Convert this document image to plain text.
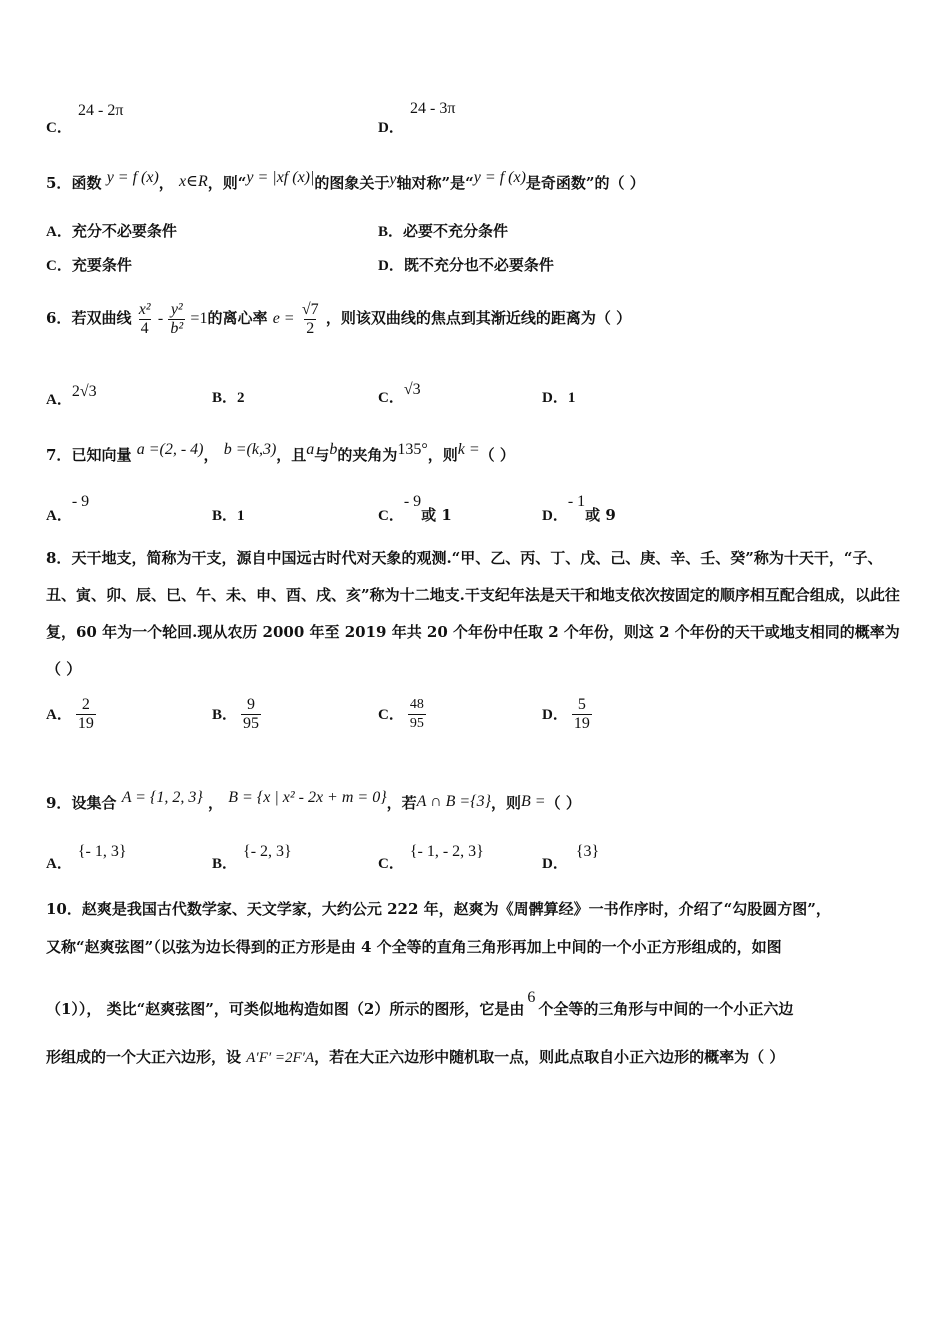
C．
24 - 2π
D．
24 - 3π
5．函数 y = f (x)， x∈R，则“y = |xf (x)|的图象关于y轴对称”是“y = f (x)是奇函数”的（ ）
A．充分不必要条件	B．必要不充分条件
C．充要条件	D．既不充分也不必要条件
6．若双曲线 $\frac{\text{x²}}{4} - \frac{\text{y²}}{\text{b²}} =1$的离心率 $e = \frac{√7}{2}$ ，则该双曲线的焦点到其渐近线的距离为（ ）
A．2√3	B．2	C．√3	D．1
7．已知向量 a =(2, - 4)， b =(k,3)，且a与b的夹角为135°，则k =（ ）
A．- 9
B．1	C．- 9或 1	D．- 1或 9
8．天干地支，简称为干支，源自中国远古时代对天象的观测.“甲、乙、丙、丁、戊、己、庚、辛、壬、癸”称为十天干，“子、丑、寅、卯、辰、巳、午、未、申、酉、戌、亥”称为十二地支.干支纪年法是天干和地支依次按固定的顺序相互配合组成，以此往复，60 年为一个轮回.现从农历 2000 年至 2019 年共 20 个年份中任取 2 个年份，则这 2 个年份的天干或地支相同的概率为（ ）
A． $\frac{2}{19}$	B． $\frac{9}{95}$	C． $\frac{48}{95}$	D． $\frac{5}{19}$
9．设集合 A = {1, 2, 3} ， B = {x | x² - 2x + m = 0}，若A ∩ B ={3}，则B =（ ）
A．{- 1, 3}
B．{- 2, 3}
C．{- 1, - 2, 3}
D．{3}
10．赵爽是我国古代数学家、天文学家，大约公元 222 年，赵爽为《周髀算经》一书作序时，介绍了“勾股圆方图”，
又称“赵爽弦图”（以弦为边长得到的正方形是由 4 个全等的直角三角形再加上中间的一个小正方形组成的，如图
（1））， 类比“赵爽弦图”，可类似地构造如图（2）所示的图形，它是由6个全等的三角形与中间的一个小正六边
形组成的一个大正六边形，设 A′F′ =2F′A，若在大正六边形中随机取一点，则此点取自小正六边形的概率为（ ）
